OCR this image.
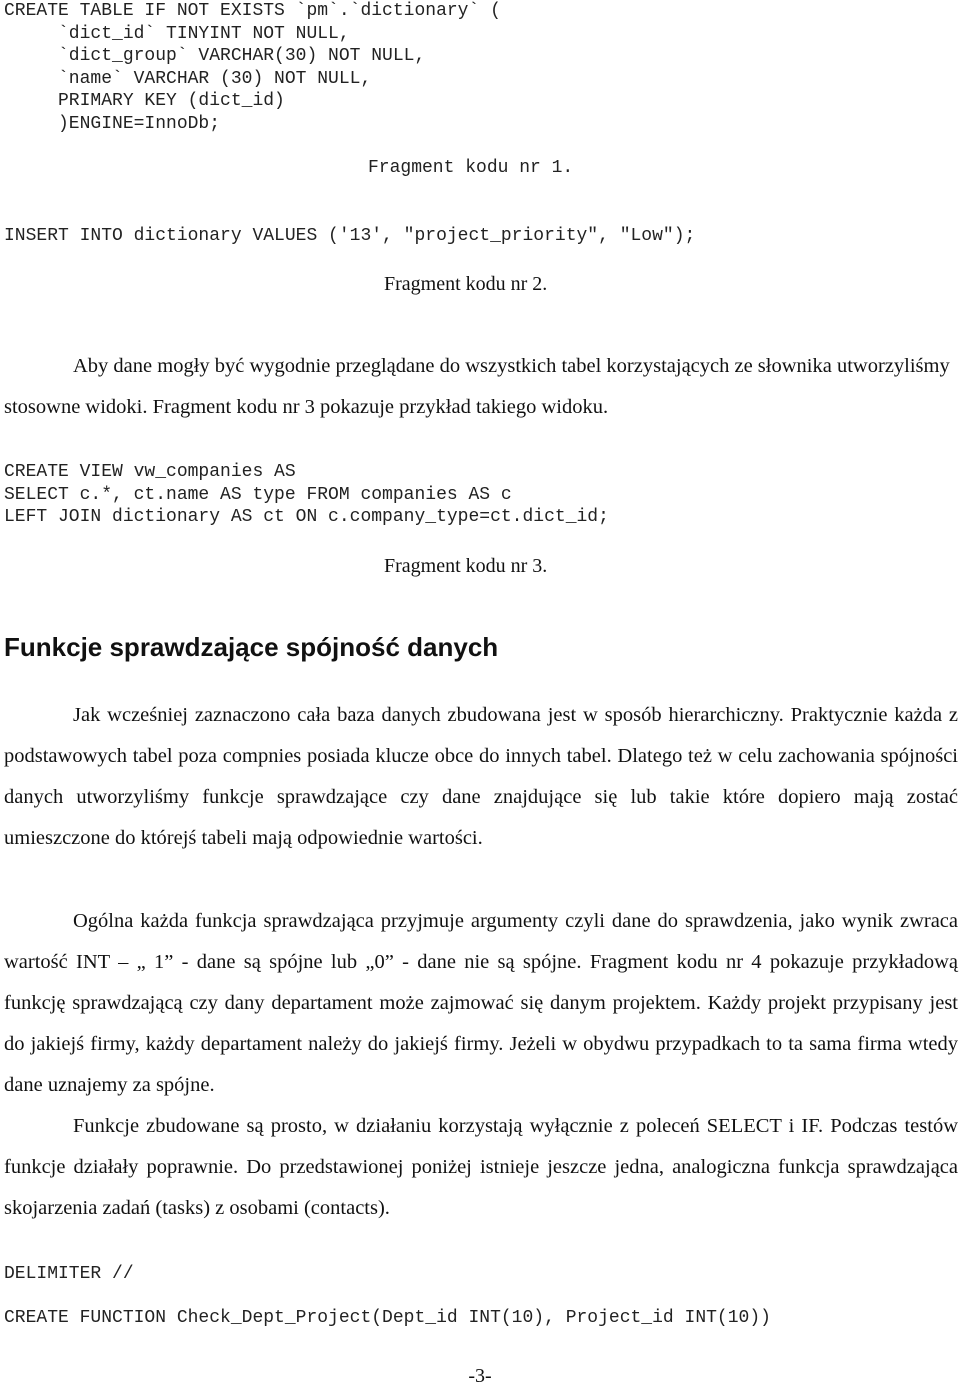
CREATE TABLE IF NOT EXISTS `pm`.`dictionary` (
`dict_id` TINYINT NOT NULL,
`dict_group` VARCHAR(30) NOT NULL,
`name` VARCHAR (30) NOT NULL,
PRIMARY KEY (dict_id)
)ENGINE=InnoDb;
Fragment kodu nr 1.
INSERT INTO dictionary VALUES ('13', "project_priority", "Low");
Fragment kodu nr 2.

Aby dane mogły być wygodnie przeglądane do wszystkich tabel korzystających ze słownika utworzyliśmy stosowne widoki. Fragment kodu nr 3 pokazuje przykład takiego widoku.

CREATE VIEW vw_companies AS
SELECT c.*, ct.name AS type FROM companies AS c
LEFT JOIN dictionary AS ct ON c.company_type=ct.dict_id;
Fragment kodu nr 3.
Funkcje sprawdzające spójność danych

Jak wcześniej zaznaczono cała baza danych zbudowana jest w sposób hierarchiczny. Praktycznie każda z podstawowych tabel poza compnies posiada klucze obce do innych tabel. Dlatego też w celu zachowania spójności danych utworzyliśmy funkcje sprawdzające czy dane znajdujące się lub takie które dopiero mają zostać umieszczone do którejś tabeli mają odpowiednie wartości.

Ogólna każda funkcja sprawdzająca przyjmuje argumenty czyli dane do sprawdzenia, jako wynik zwraca wartość INT – „ 1” - dane są spójne lub „0” - dane nie są spójne. Fragment kodu nr 4 pokazuje przykładową funkcję sprawdzającą czy dany departament może zajmować się danym projektem. Każdy projekt przypisany jest do jakiejś firmy, każdy departament należy do jakiejś firmy. Jeżeli w obydwu przypadkach to ta sama firma wtedy dane uznajemy za spójne.

Funkcje zbudowane są prosto, w działaniu korzystają wyłącznie z poleceń SELECT i IF. Podczas testów funkcje działały poprawnie. Do przedstawionej poniżej istnieje jeszcze jedna, analogiczna funkcja sprawdzająca skojarzenia zadań (tasks) z osobami (contacts).

DELIMITER //
CREATE FUNCTION Check_Dept_Project(Dept_id INT(10), Project_id INT(10))
-3-
